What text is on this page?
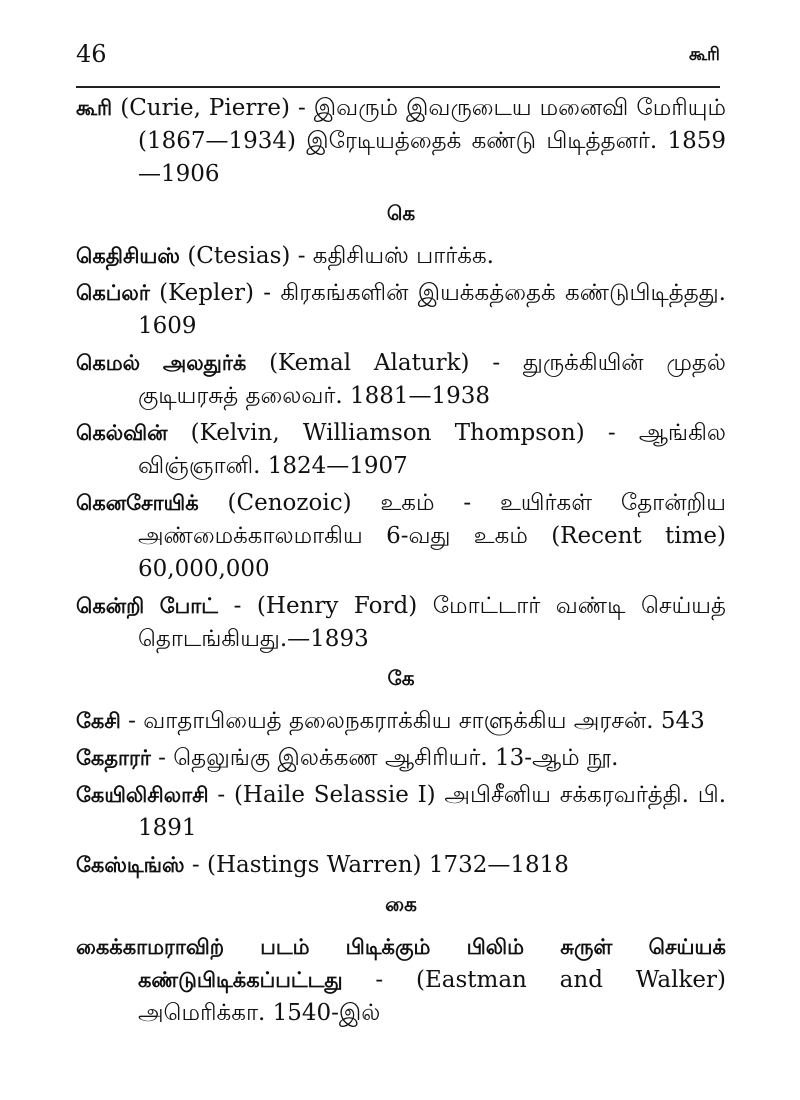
46	கூரி
கூரி (Curie, Pierre) - இவரும் இவருடைய மனைவி மேரியும் (1867—1934) இரேடியத்தைக் கண்டு பிடித்தனர். 1859—1906
கெ
கெதிசியஸ் (Ctesias) - கதிசியஸ் பார்க்க.
கெப்லர் (Kepler) - கிரகங்களின் இயக்கத்தைக் கண்டுபிடித்தது. 1609
கெமல் அலதுர்க் (Kemal Alaturk) - துருக்கியின் முதல் குடியரசுத் தலைவர். 1881—1938
கெல்வின் (Kelvin, Williamson Thompson) - ஆங்கில விஞ்ஞானி. 1824—1907
கெனசோயிக் (Cenozoic) உகம் - உயிர்கள் தோன்றிய அண்மைக்காலமாகிய 6-வது உகம் (Recent time) 60,000,000
கென்றி போட் - (Henry Ford) மோட்டார் வண்டி செய்யத் தொடங்கியது.—1893
கே
கேசி - வாதாபியைத் தலைநகராக்கிய சாளுக்கிய அரசன். 543
கேதாரர் - தெலுங்கு இலக்கண ஆசிரியர். 13-ஆம் நூ.
கேயிலிசிலாசி - (Haile Selassie I) அபிசீனிய சக்கரவர்த்தி. பி. 1891
கேஸ்டிங்ஸ் - (Hastings Warren) 1732—1818
கை
கைக்காமராவிற் படம் பிடிக்கும் பிலிம் சுருள் செய்யக் கண்டுபிடிக்கப்பட்டது - (Eastman and Walker) அமெரிக்கா. 1540-இல்
